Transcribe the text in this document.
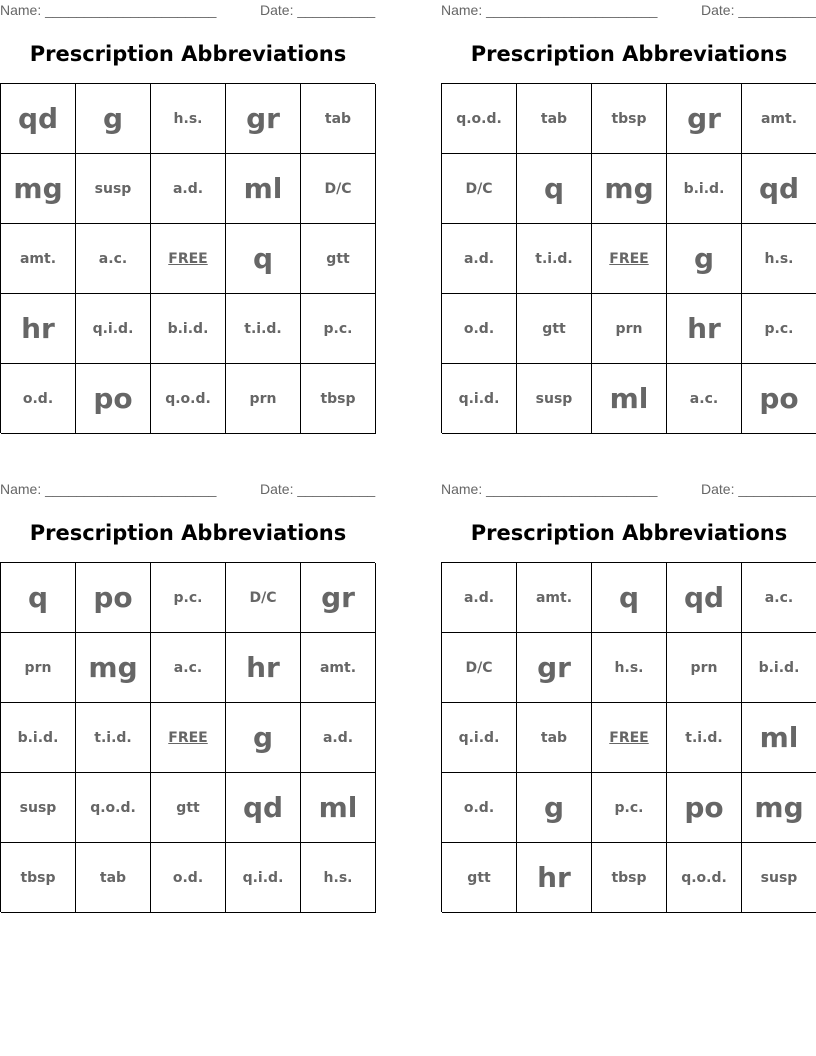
Name: ______________________	Date: __________
Prescription Abbreviations
qd	g	h.s.	gr	tab
mg	susp	a.d.	ml	D/C
amt.	a.c.	FREE	q	gtt
hr	q.i.d.	b.i.d.	t.i.d.	p.c.
o.d.	po	q.o.d.	prn	tbsp
Name: ______________________	Date: __________
Prescription Abbreviations
q.o.d.	tab	tbsp	gr	amt.
D/C	q	mg	b.i.d.	qd
a.d.	t.i.d.	FREE	g	h.s.
o.d.	gtt	prn	hr	p.c.
q.i.d.	susp	ml	a.c.	po
Name: ______________________	Date: __________
Prescription Abbreviations
q	po	p.c.	D/C	gr
prn	mg	a.c.	hr	amt.
b.i.d.	t.i.d.	FREE	g	a.d.
susp	q.o.d.	gtt	qd	ml
tbsp	tab	o.d.	q.i.d.	h.s.
Name: ______________________	Date: __________
Prescription Abbreviations
a.d.	amt.	q	qd	a.c.
D/C	gr	h.s.	prn	b.i.d.
q.i.d.	tab	FREE	t.i.d.	ml
o.d.	g	p.c.	po	mg
gtt	hr	tbsp	q.o.d.	susp
